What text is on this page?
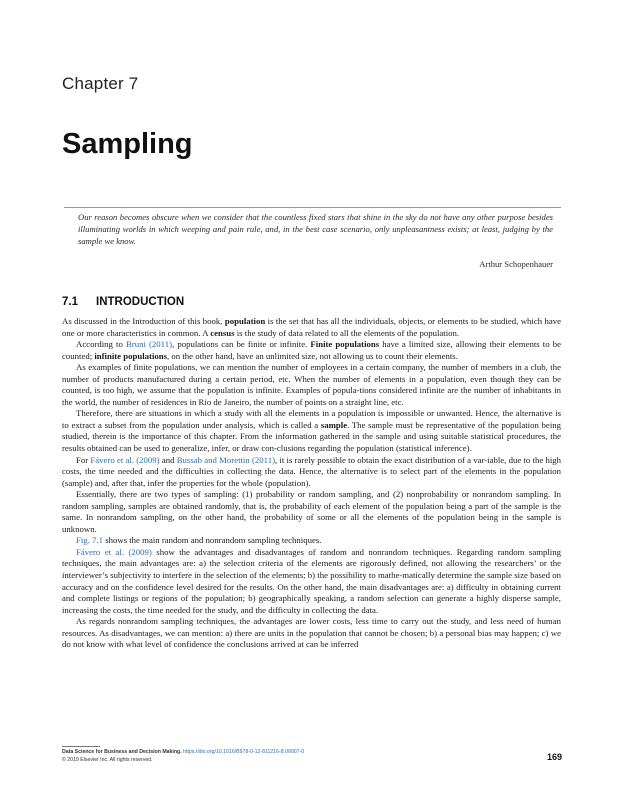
Chapter 7
Sampling
Our reason becomes obscure when we consider that the countless fixed stars that shine in the sky do not have any other purpose besides illuminating worlds in which weeping and pain rule, and, in the best case scenario, only unpleasantness exists; at least, judging by the sample we know.
Arthur Schopenhauer
7.1 INTRODUCTION

As discussed in the Introduction of this book, population is the set that has all the individuals, objects, or elements to be studied, which have one or more characteristics in common. A census is the study of data related to all the elements of the population.

According to Bruni (2011), populations can be finite or infinite. Finite populations have a limited size, allowing their elements to be counted; infinite populations, on the other hand, have an unlimited size, not allowing us to count their elements.

As examples of finite populations, we can mention the number of employees in a certain company, the number of members in a club, the number of products manufactured during a certain period, etc. When the number of elements in a population, even though they can be counted, is too high, we assume that the population is infinite. Examples of popula-tions considered infinite are the number of inhabitants in the world, the number of residences in Rio de Janeiro, the number of points on a straight line, etc.

Therefore, there are situations in which a study with all the elements in a population is impossible or unwanted. Hence, the alternative is to extract a subset from the population under analysis, which is called a sample. The sample must be representative of the population being studied, therein is the importance of this chapter. From the information gathered in the sample and using suitable statistical procedures, the results obtained can be used to generalize, infer, or draw con-clusions regarding the population (statistical inference).

For Fávero et al. (2009) and Bussab and Morettin (2011), it is rarely possible to obtain the exact distribution of a var-iable, due to the high costs, the time needed and the difficulties in collecting the data. Hence, the alternative is to select part of the elements in the population (sample) and, after that, infer the properties for the whole (population).

Essentially, there are two types of sampling: (1) probability or random sampling, and (2) nonprobability or nonrandom sampling. In random sampling, samples are obtained randomly, that is, the probability of each element of the population being a part of the sample is the same. In nonrandom sampling, on the other hand, the probability of some or all the elements of the population being in the sample is unknown.

Fig. 7.1 shows the main random and nonrandom sampling techniques.

Fávero et al. (2009) show the advantages and disadvantages of random and nonrandom techniques. Regarding random sampling techniques, the main advantages are: a) the selection criteria of the elements are rigorously defined, not allowing the researchers’ or the interviewer’s subjectivity to interfere in the selection of the elements; b) the possibility to mathe-matically determine the sample size based on accuracy and on the confidence level desired for the results. On the other hand, the main disadvantages are: a) difficulty in obtaining current and complete listings or regions of the population; b) geographically speaking, a random selection can generate a highly disperse sample, increasing the costs, the time needed for the study, and the difficulty in collecting the data.

As regards nonrandom sampling techniques, the advantages are lower costs, less time to carry out the study, and less need of human resources. As disadvantages, we can mention: a) there are units in the population that cannot be chosen; b) a personal bias may happen; c) we do not know with what level of confidence the conclusions arrived at can be inferred

Data Science for Business and Decision Making. https://doi.org/10.1016/B978-0-12-811216-8.00007-0
© 2019 Elsevier Inc. All rights reserved.	169
